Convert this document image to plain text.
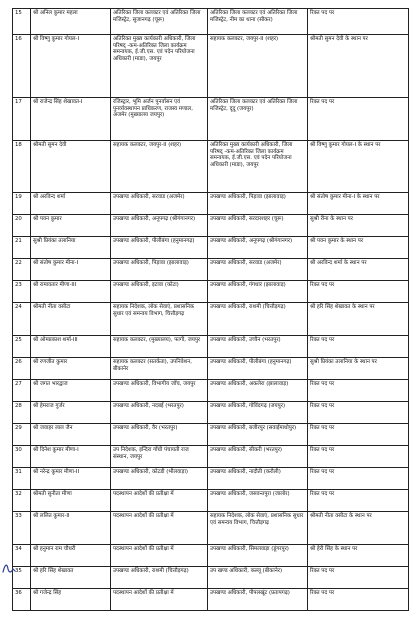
15	श्री अनिल कुमार महला	अतिरिक्त जिला कलक्टर एवं अतिरिक्त जिला मजिस्ट्रेट, सुजानगढ़ (चूरू)	अतिरिक्त जिला कलक्टर एवं अतिरिक्त जिला मजिस्ट्रेट, नीम का थाना (सीकर)	रिक्त पद पर
16	श्री विष्णु कुमार गोयल-I	अतिरिक्त मुख्य कार्यकारी अधिकारी, जिला परिषद् -कम-अतिरिक्त जिला कार्यक्रम समन्वयक, ई.जी.एस. एवं पदेन परियोजना अधिकारी (माडा), जयपुर	सहायक कलक्टर, जयपुर-II (शहर)	श्रीमती सुमन देवी के स्थान पर
17	श्री राजेन्द्र सिंह शेखावत-I	रजिस्ट्रार, भूमि अर्जन पुनर्वासन एवं पुनर्व्यवस्थापन प्राधिकरण, राजस्व मण्डल, अजमेर (मुख्यालय जयपुर)	अतिरिक्त जिला कलक्टर एवं अतिरिक्त जिला मजिस्ट्रेट, दूदू (जयपुर)	रिक्त पद पर
18	श्रीमती सुमन देवी	सहायक कलक्टर, जयपुर-II (शहर)	अतिरिक्त मुख्य कार्यकारी अधिकारी, जिला परिषद् -कम-अतिरिक्त जिला कार्यक्रम समन्वयक, ई.जी.एस. एवं पदेन परियोजना अधिकारी (माडा), जयपुर	श्री विष्णु कुमार गोयल-I के स्थान पर
19	श्री अरविन्द शर्मा	उपखण्ड अधिकारी, सरवाड (अजमेर)	उपखण्ड अधिकारी, पिड़ावा (झालावाड़)	श्री संतोष कुमार मीना-I के स्थान पर
20	श्री पवन कुमार	उपखण्ड अधिकारी, अनूपगढ़ (श्रीगंगानगर)	उपखण्ड अधिकारी, सरदारशहर (चूरू)	सुश्री रीना के स्थान पर
21	सुश्री प्रियंका तलानिया	उपखण्ड अधिकारी, पीलीबंगा (हनुमानगढ़)	उपखण्ड अधिकारी, अनूपगढ़ (श्रीगंगानगर)	श्री पवन कुमार के स्थान पर
22	श्री संतोष कुमार मीना-I	उपखण्ड अधिकारी, पिड़ावा (झालावाड़)	उपखण्ड अधिकारी, सरवाड (अजमेर)	श्री अरविन्द शर्मा के स्थान पर
23	श्री रामावतार मीणा-III	उपखण्ड अधिकारी, इटावा (कोटा)	उपखण्ड अधिकारी, गंगधार (झालावाड़)	रिक्त पद पर
24	श्रीमती नीता वसीटा	सहायक निदेशक, लोक सेवाएं, प्रशासनिक सुधार एवं समन्वय विभाग, चित्तौड़गढ़	उपखण्ड अधिकारी, राशमी (चित्तौड़गढ़)	श्री हरि सिंह शेखावत के स्थान पर
25	श्री ओमप्रकाश शर्मा-III	सहायक कलक्टर, (मुख्यालय), फागी, जयपुर	उपखण्ड अधिकारी, उच्चैन (भरतपुर)	रिक्त पद पर
26	श्री रणजीत कुमार	सहायक कलक्टर (सतर्कता), उपनिवेशन, बीकानेर	उपखण्ड अधिकारी, पीलीबंगा (हनुमानगढ़)	सुश्री प्रियंका तलानिया के स्थान पर
27	श्री जगत भारद्वाज	उपखण्ड अधिकारी, विभागीय जाँच, जयपुर	उपखण्ड अधिकारी, अकलेरा (झालावाड़)	रिक्त पद पर
28	श्री हेमराज गुर्जर	उपखण्ड अधिकारी, नदबई (भरतपुर)	उपखण्ड अधिकारी, गोविंदगढ़ (जयपुर)	रिक्त पद पर
29	श्री जवाहर लाल जैन	उपखण्ड अधिकारी, वैर (भरतपुर)	उपखण्ड अधिकारी, बजीरपुर (सवाईमाधोपुर)	रिक्त पद पर
30	श्री दिनेश कुमार मीणा-I	उप निदेशक, इन्दिरा गाँधी पंचायती राज संस्थान, जयपुर	उपखण्ड अधिकारी, सीकरी (भरतपुर)	रिक्त पद पर
31	श्री नरेन्द्र कुमार मीणा-II	उपखण्ड अधिकारी, कोटडी (भीलवाड़ा)	उपखण्ड अधिकारी, नादौती (करौली)	रिक्त पद पर
32	श्रीमती सुनीता मीणा	पदस्थापन आदेशों की प्रतीक्षा में	उपखण्ड अधिकारी, जसवन्तपुरा (जालोर)	रिक्त पद पर
33	श्री ललित कुमार-II	पदस्थापन आदेशों की प्रतीक्षा में	सहायक निदेशक, लोक सेवाएं, प्रशासनिक सुधार एवं समन्वय विभाग, चित्तौड़गढ़	श्रीमती नीता वसीटा के स्थान पर
34	श्री हनुमान राम चौधरी	पदस्थापन आदेशों की प्रतीक्षा में	उपखण्ड अधिकारी, सिमलवाड़ा (डूंगरपुर)	श्री हेरी सिंह के स्थान पर
35	श्री हरि सिंह शेखावत	उपखण्ड अधिकारी, राशमी (चित्तौड़गढ़)	उप खण्ड अधिकारी, कल्लू (बीकानेर)	रिक्त पद पर
36	श्री गजेन्द्र सिंह	पदस्थापन आदेशों की प्रतीक्षा में	उपखण्ड अधिकारी, पीपलखूंट (प्रतापगढ़)	रिक्त पद पर
